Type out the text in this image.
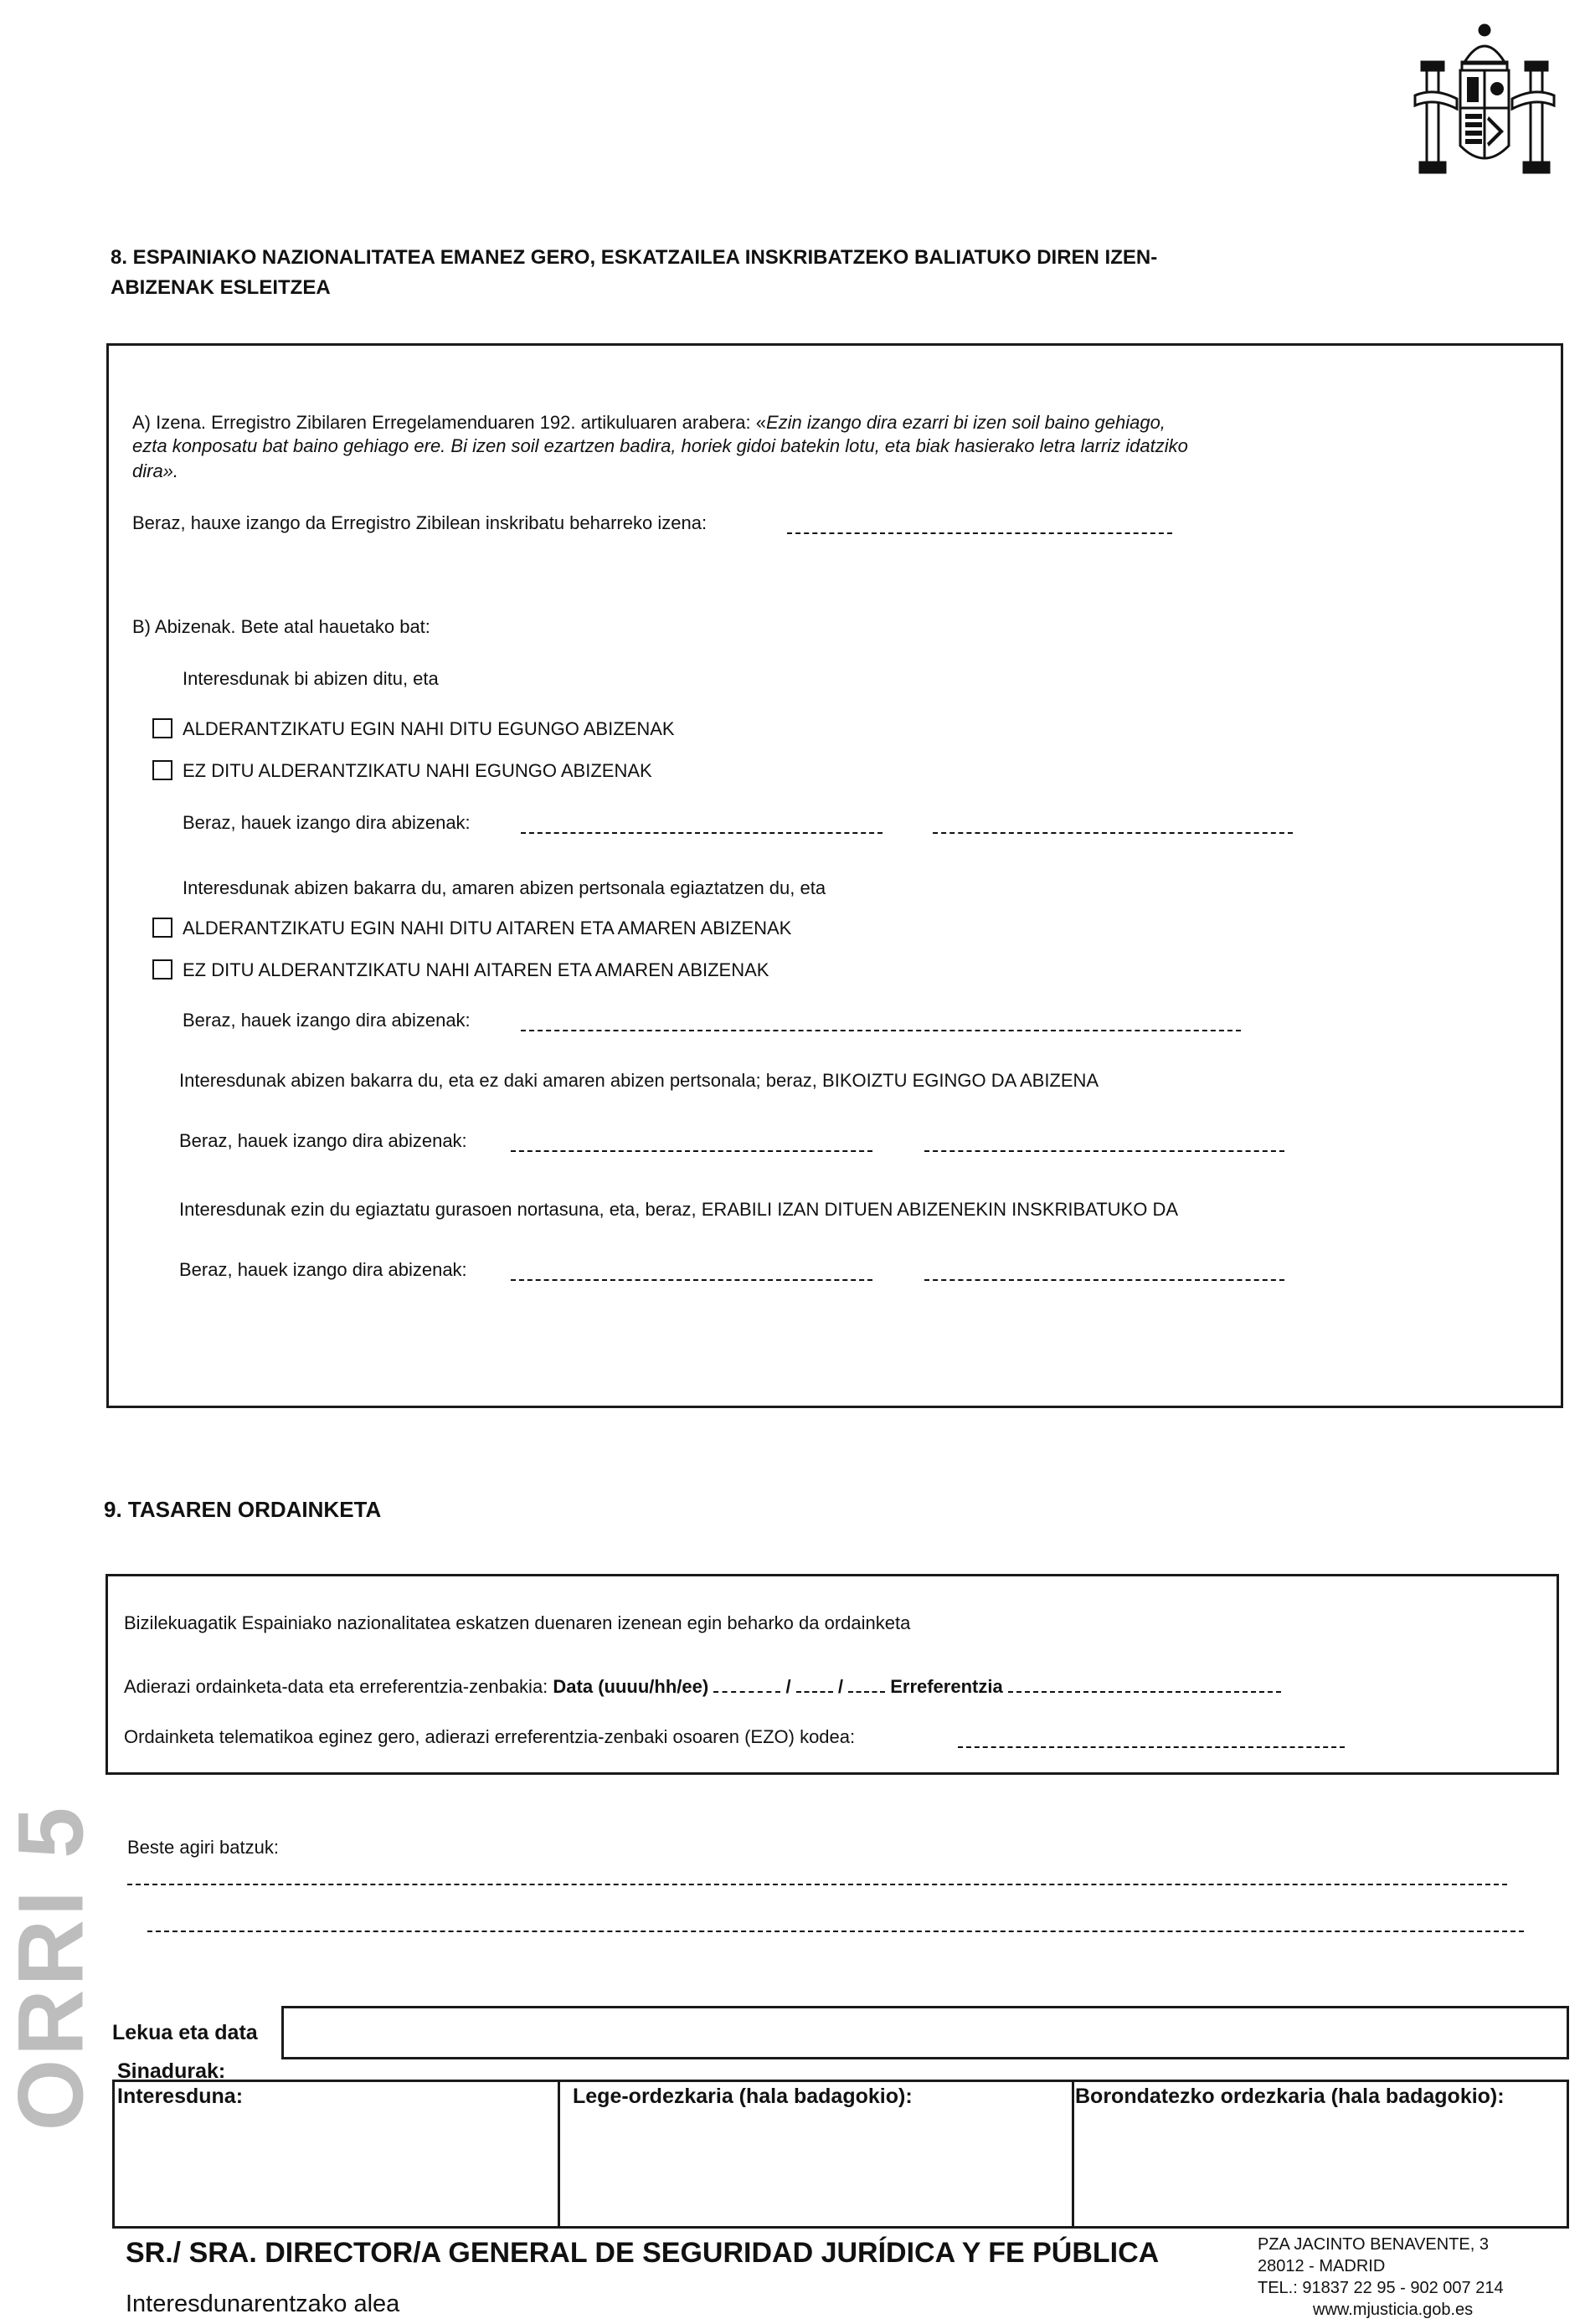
8. ESPAINIAKO NAZIONALITATEA EMANEZ GERO, ESKATZAILEA INSKRIBATZEKO BALIATUKO DIREN IZEN-
ABIZENAK ESLEITZEA
A) Izena. Erregistro Zibilaren Erregelamenduaren 192. artikuluaren arabera: «Ezin izango dira ezarri bi izen soil baino gehiago,
ezta konposatu bat baino gehiago ere. Bi izen soil ezartzen badira, horiek gidoi batekin lotu, eta biak hasierako letra larriz idatziko
dira».
Beraz, hauxe izango da Erregistro Zibilean inskribatu beharreko izena:
B) Abizenak. Bete atal hauetako bat:
Interesdunak bi abizen ditu, eta
ALDERANTZIKATU EGIN NAHI DITU EGUNGO ABIZENAK
EZ DITU ALDERANTZIKATU NAHI EGUNGO ABIZENAK
Beraz, hauek izango dira abizenak:
Interesdunak abizen bakarra du, amaren abizen pertsonala egiaztatzen du, eta
ALDERANTZIKATU EGIN NAHI DITU AITAREN ETA AMAREN ABIZENAK
EZ DITU ALDERANTZIKATU NAHI AITAREN ETA AMAREN ABIZENAK
Beraz, hauek izango dira abizenak:
Interesdunak abizen bakarra du, eta ez daki amaren abizen pertsonala; beraz, BIKOIZTU EGINGO DA ABIZENA
Beraz, hauek izango dira abizenak:
Interesdunak ezin du egiaztatu gurasoen nortasuna, eta, beraz, ERABILI IZAN DITUEN ABIZENEKIN INSKRIBATUKO DA
Beraz, hauek izango dira abizenak:
9. TASAREN ORDAINKETA
Bizilekuagatik Espainiako nazionalitatea eskatzen duenaren izenean egin beharko da ordainketa
Adierazi ordainketa-data eta erreferentzia-zenbakia: Data (uuuu/hh/ee)	/	/	Erreferentzia
Ordainketa telematikoa eginez gero, adierazi erreferentzia-zenbaki osoaren (EZO) kodea:
ORRI 5 Beste agiri batzuk:
Lekua eta data
Sinadurak:
Interesduna:	Lege-ordezkaria (hala badagokio):	Borondatezko ordezkaria (hala badagokio):
SR./ SRA. DIRECTOR/A GENERAL DE SEGURIDAD JURÍDICA Y FE PÚBLICA
Interesdunarentzako alea
PZA JACINTO BENAVENTE, 3
28012 - MADRID
TEL.: 91837 22 95 - 902 007 214
www.mjusticia.gob.es
